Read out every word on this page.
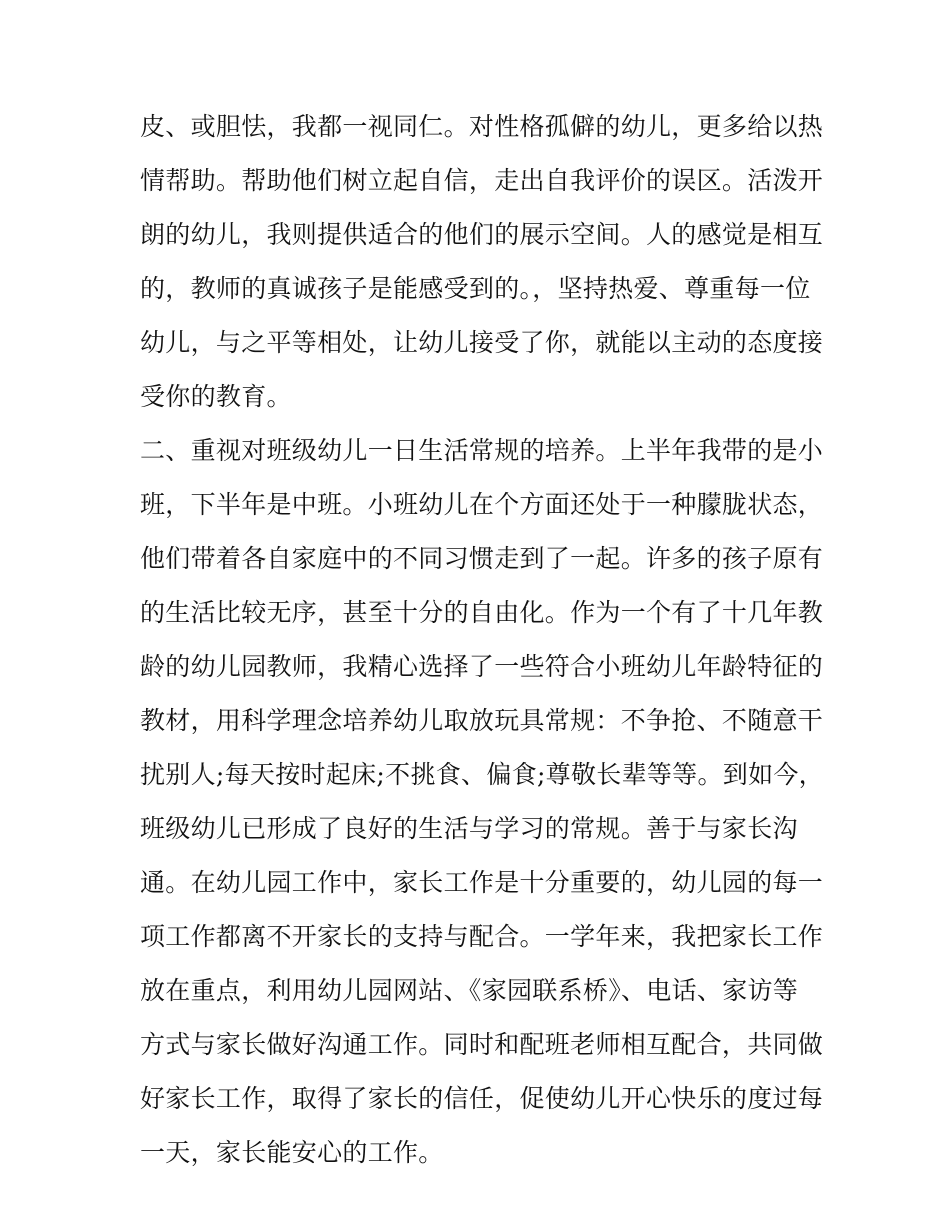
皮、或胆怯，我都一视同仁。对性格孤僻的幼儿，更多给以热
情帮助。帮助他们树立起自信，走出自我评价的误区。活泼开
朗的幼儿，我则提供适合的他们的展示空间。人的感觉是相互
的，教师的真诚孩子是能感受到的。，坚持热爱、尊重每一位
幼儿，与之平等相处，让幼儿接受了你，就能以主动的态度接
受你的教育。
二、重视对班级幼儿一日生活常规的培养。上半年我带的是小
班，下半年是中班。小班幼儿在个方面还处于一种朦胧状态，
他们带着各自家庭中的不同习惯走到了一起。许多的孩子原有
的生活比较无序，甚至十分的自由化。作为一个有了十几年教
龄的幼儿园教师，我精心选择了一些符合小班幼儿年龄特征的
教材，用科学理念培养幼儿取放玩具常规：不争抢、不随意干
扰别人;每天按时起床;不挑食、偏食;尊敬长辈等等。到如今，
班级幼儿已形成了良好的生活与学习的常规。善于与家长沟
通。在幼儿园工作中，家长工作是十分重要的，幼儿园的每一
项工作都离不开家长的支持与配合。一学年来，我把家长工作
放在重点，利用幼儿园网站、《家园联系桥》、电话、家访等
方式与家长做好沟通工作。同时和配班老师相互配合，共同做
好家长工作，取得了家长的信任，促使幼儿开心快乐的度过每
一天，家长能安心的工作。
